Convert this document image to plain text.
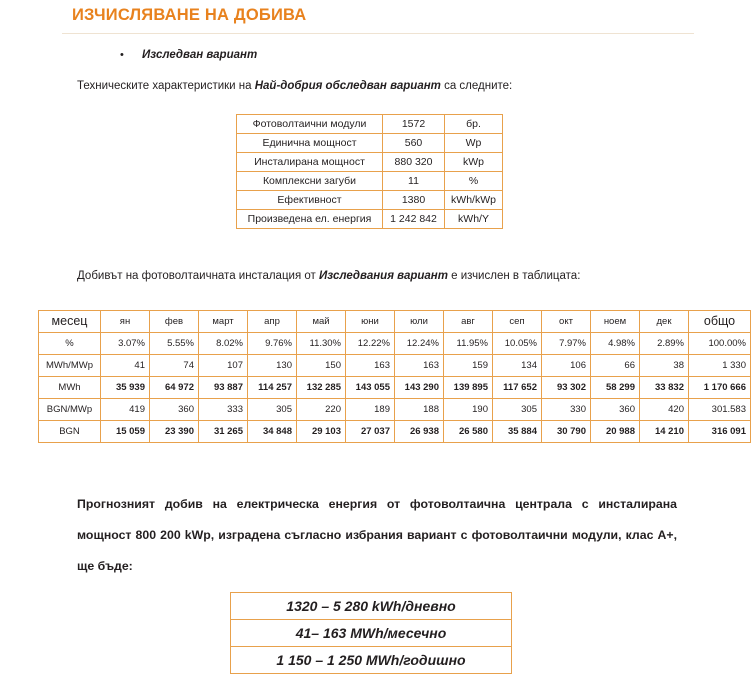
ИЗЧИСЛЯВАНЕ НА ДОБИВА
•	Изследван вариант
Техническите характеристики на Най-добрия обследван вариант са следните:
Фотоволтаични модули	1572	бр.
Единична мощност	560	Wp
Инсталирана мощност	880 320	kWp
Комплексни загуби	11	%
Ефективност	1380	kWh/kWp
Произведена ел. енергия	1 242 842	kWh/Y
Добивът на фотоволтаичната инсталация от Изследвания вариант е изчислен в таблицата:
месец	ян	фев	март	апр	май	юни	юли	авг	сеп	окт	ноем	дек	общо
%	3.07%	5.55%	8.02%	9.76%	11.30%	12.22%	12.24%	11.95%	10.05%	7.97%	4.98%	2.89%	100.00%
MWh/MWp	41	74	107	130	150	163	163	159	134	106	66	38	1 330
MWh	35 939	64 972	93 887	114 257	132 285	143 055	143 290	139 895	117 652	93 302	58 299	33 832	1 170 666
BGN/MWp	419	360	333	305	220	189	188	190	305	330	360	420	301.583
BGN	15 059	23 390	31 265	34 848	29 103	27 037	26 938	26 580	35 884	30 790	20 988	14 210	316 091
Прогнозният добив на електрическа енергия от фотоволтаична централа с инсталирана мощност 800 200 kWp, изградена съгласно избрания вариант с фотоволтаични модули, клас A+, ще бъде:
1320 – 5 280 kWh/дневно
41– 163 MWh/месечно
1 150 – 1 250 MWh/годишно
